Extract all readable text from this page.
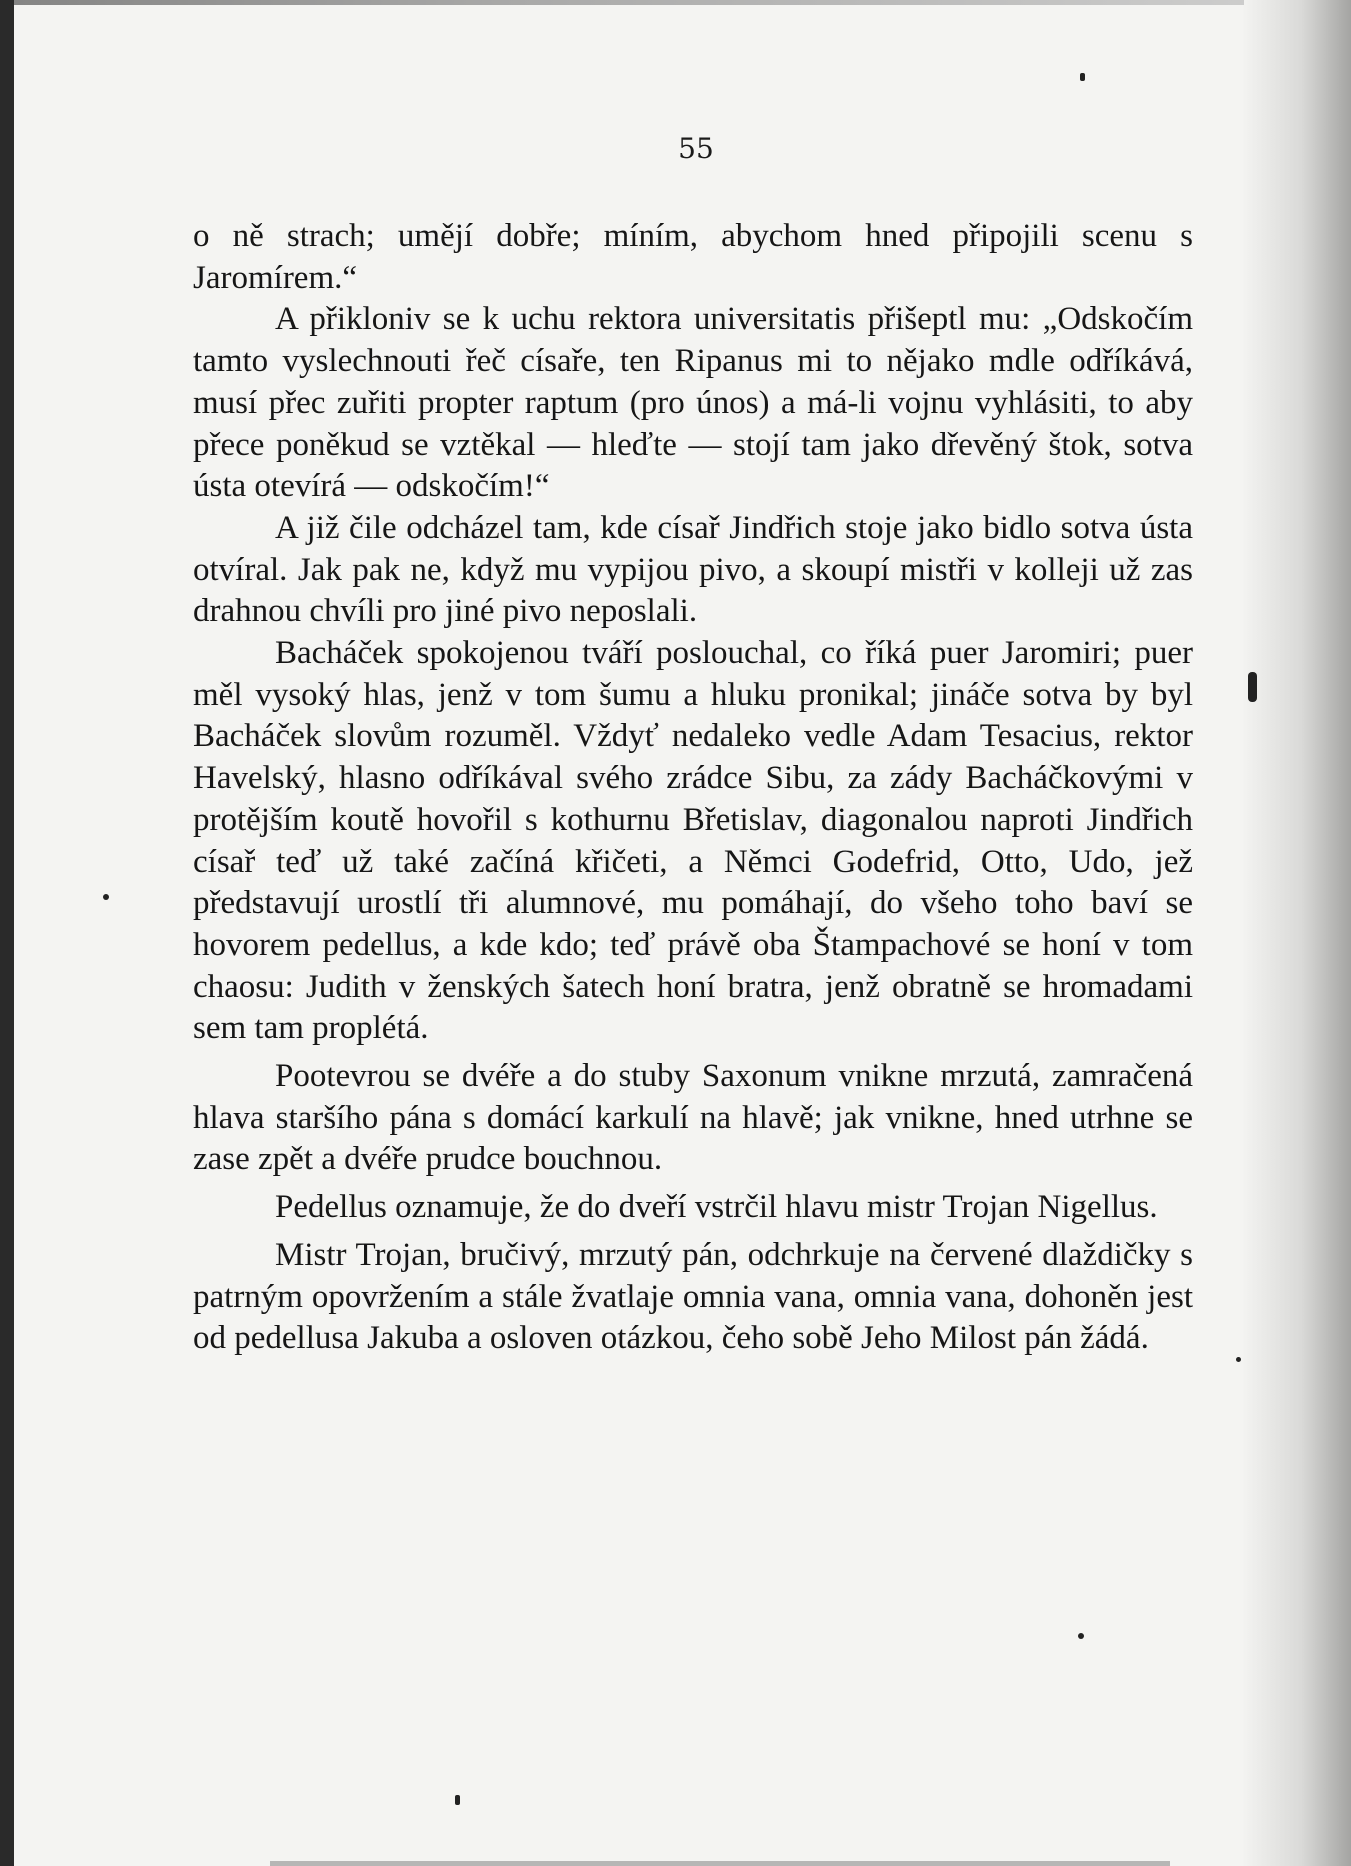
55

o ně strach; umějí dobře; míním, abychom hned připojili scenu s Jaromírem.“

A přikloniv se k uchu rektora universitatis přišeptl mu: „Odskočím tamto vyslechnouti řeč císaře, ten Ripanus mi to nějako mdle odříkává, musí přec zuřiti propter raptum (pro únos) a má-li vojnu vyhlásiti, to aby přece poněkud se vztěkal — hleďte — stojí tam jako dřevěný štok, sotva ústa otevírá — odskočím!“

A již čile odcházel tam, kde císař Jindřich stoje jako bidlo sotva ústa otvíral. Jak pak ne, když mu vypijou pivo, a skoupí mistři v kolleji už zas drahnou chvíli pro jiné pivo neposlali.

Bacháček spokojenou tváří poslouchal, co říká puer Jaromiri; puer měl vysoký hlas, jenž v tom šumu a hluku pronikal; jináče sotva by byl Bacháček slovům rozuměl. Vždyť nedaleko vedle Adam Tesacius, rektor Havelský, hlasno odříkával svého zrádce Sibu, za zády Bacháčkovými v protějším koutě hovořil s kothurnu Břetislav, diagonalou naproti Jindřich císař teď už také začíná křičeti, a Němci Godefrid, Otto, Udo, jež představují urostlí tři alumnové, mu pomáhají, do všeho toho baví se hovorem pedellus, a kde kdo; teď právě oba Štampachové se honí v tom chaosu: Judith v ženských šatech honí bratra, jenž obratně se hromadami sem tam proplétá.

Pootevrou se dvéře a do stuby Saxonum vnikne mrzutá, zamračená hlava staršího pána s domácí karkulí na hlavě; jak vnikne, hned utrhne se zase zpět a dvéře prudce bouchnou.

Pedellus oznamuje, že do dveří vstrčil hlavu mistr Trojan Nigellus.

Mistr Trojan, bručivý, mrzutý pán, odchrkuje na červené dlaždičky s patrným opovržením a stále žvatlaje omnia vana, omnia vana, dohoněn jest od pedellusa Jakuba a osloven otázkou, čeho sobě Jeho Milost pán žádá.
